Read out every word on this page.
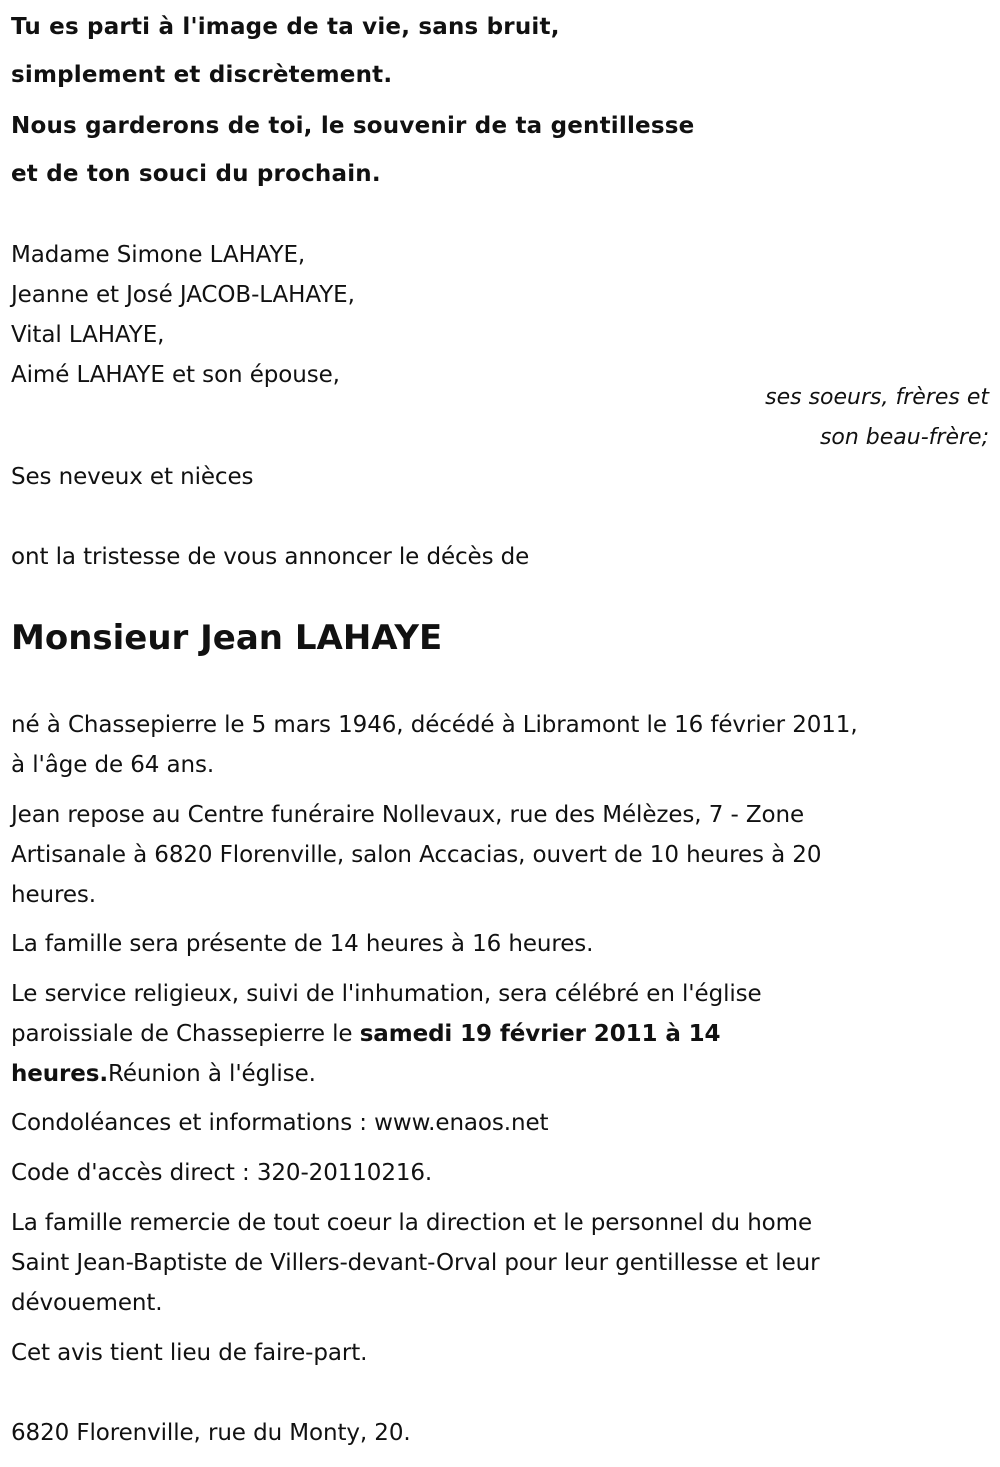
Tu es parti à l'image de ta vie, sans bruit,
simplement et discrètement.
Nous garderons de toi, le souvenir de ta gentillesse
et de ton souci du prochain.
Madame Simone LAHAYE,
Jeanne et José JACOB-LAHAYE,
Vital LAHAYE,
Aimé LAHAYE et son épouse,
ses soeurs, frères et
son beau-frère;
Ses neveux et nièces
ont la tristesse de vous annoncer le décès de
Monsieur Jean LAHAYE
né à Chassepierre le 5 mars 1946, décédé à Libramont le 16 février 2011,
à l'âge de 64 ans.
Jean repose au Centre funéraire Nollevaux, rue des Mélèzes, 7 - Zone
Artisanale à 6820 Florenville, salon Accacias, ouvert de 10 heures à 20
heures.
La famille sera présente de 14 heures à 16 heures.
Le service religieux, suivi de l'inhumation, sera célébré en l'église
paroissiale de Chassepierre le samedi 19 février 2011 à 14
heures.Réunion à l'église.
Condoléances et informations : www.enaos.net
Code d'accès direct : 320-20110216.
La famille remercie de tout coeur la direction et le personnel du home
Saint Jean-Baptiste de Villers-devant-Orval pour leur gentillesse et leur
dévouement.
Cet avis tient lieu de faire-part.
6820 Florenville, rue du Monty, 20.
